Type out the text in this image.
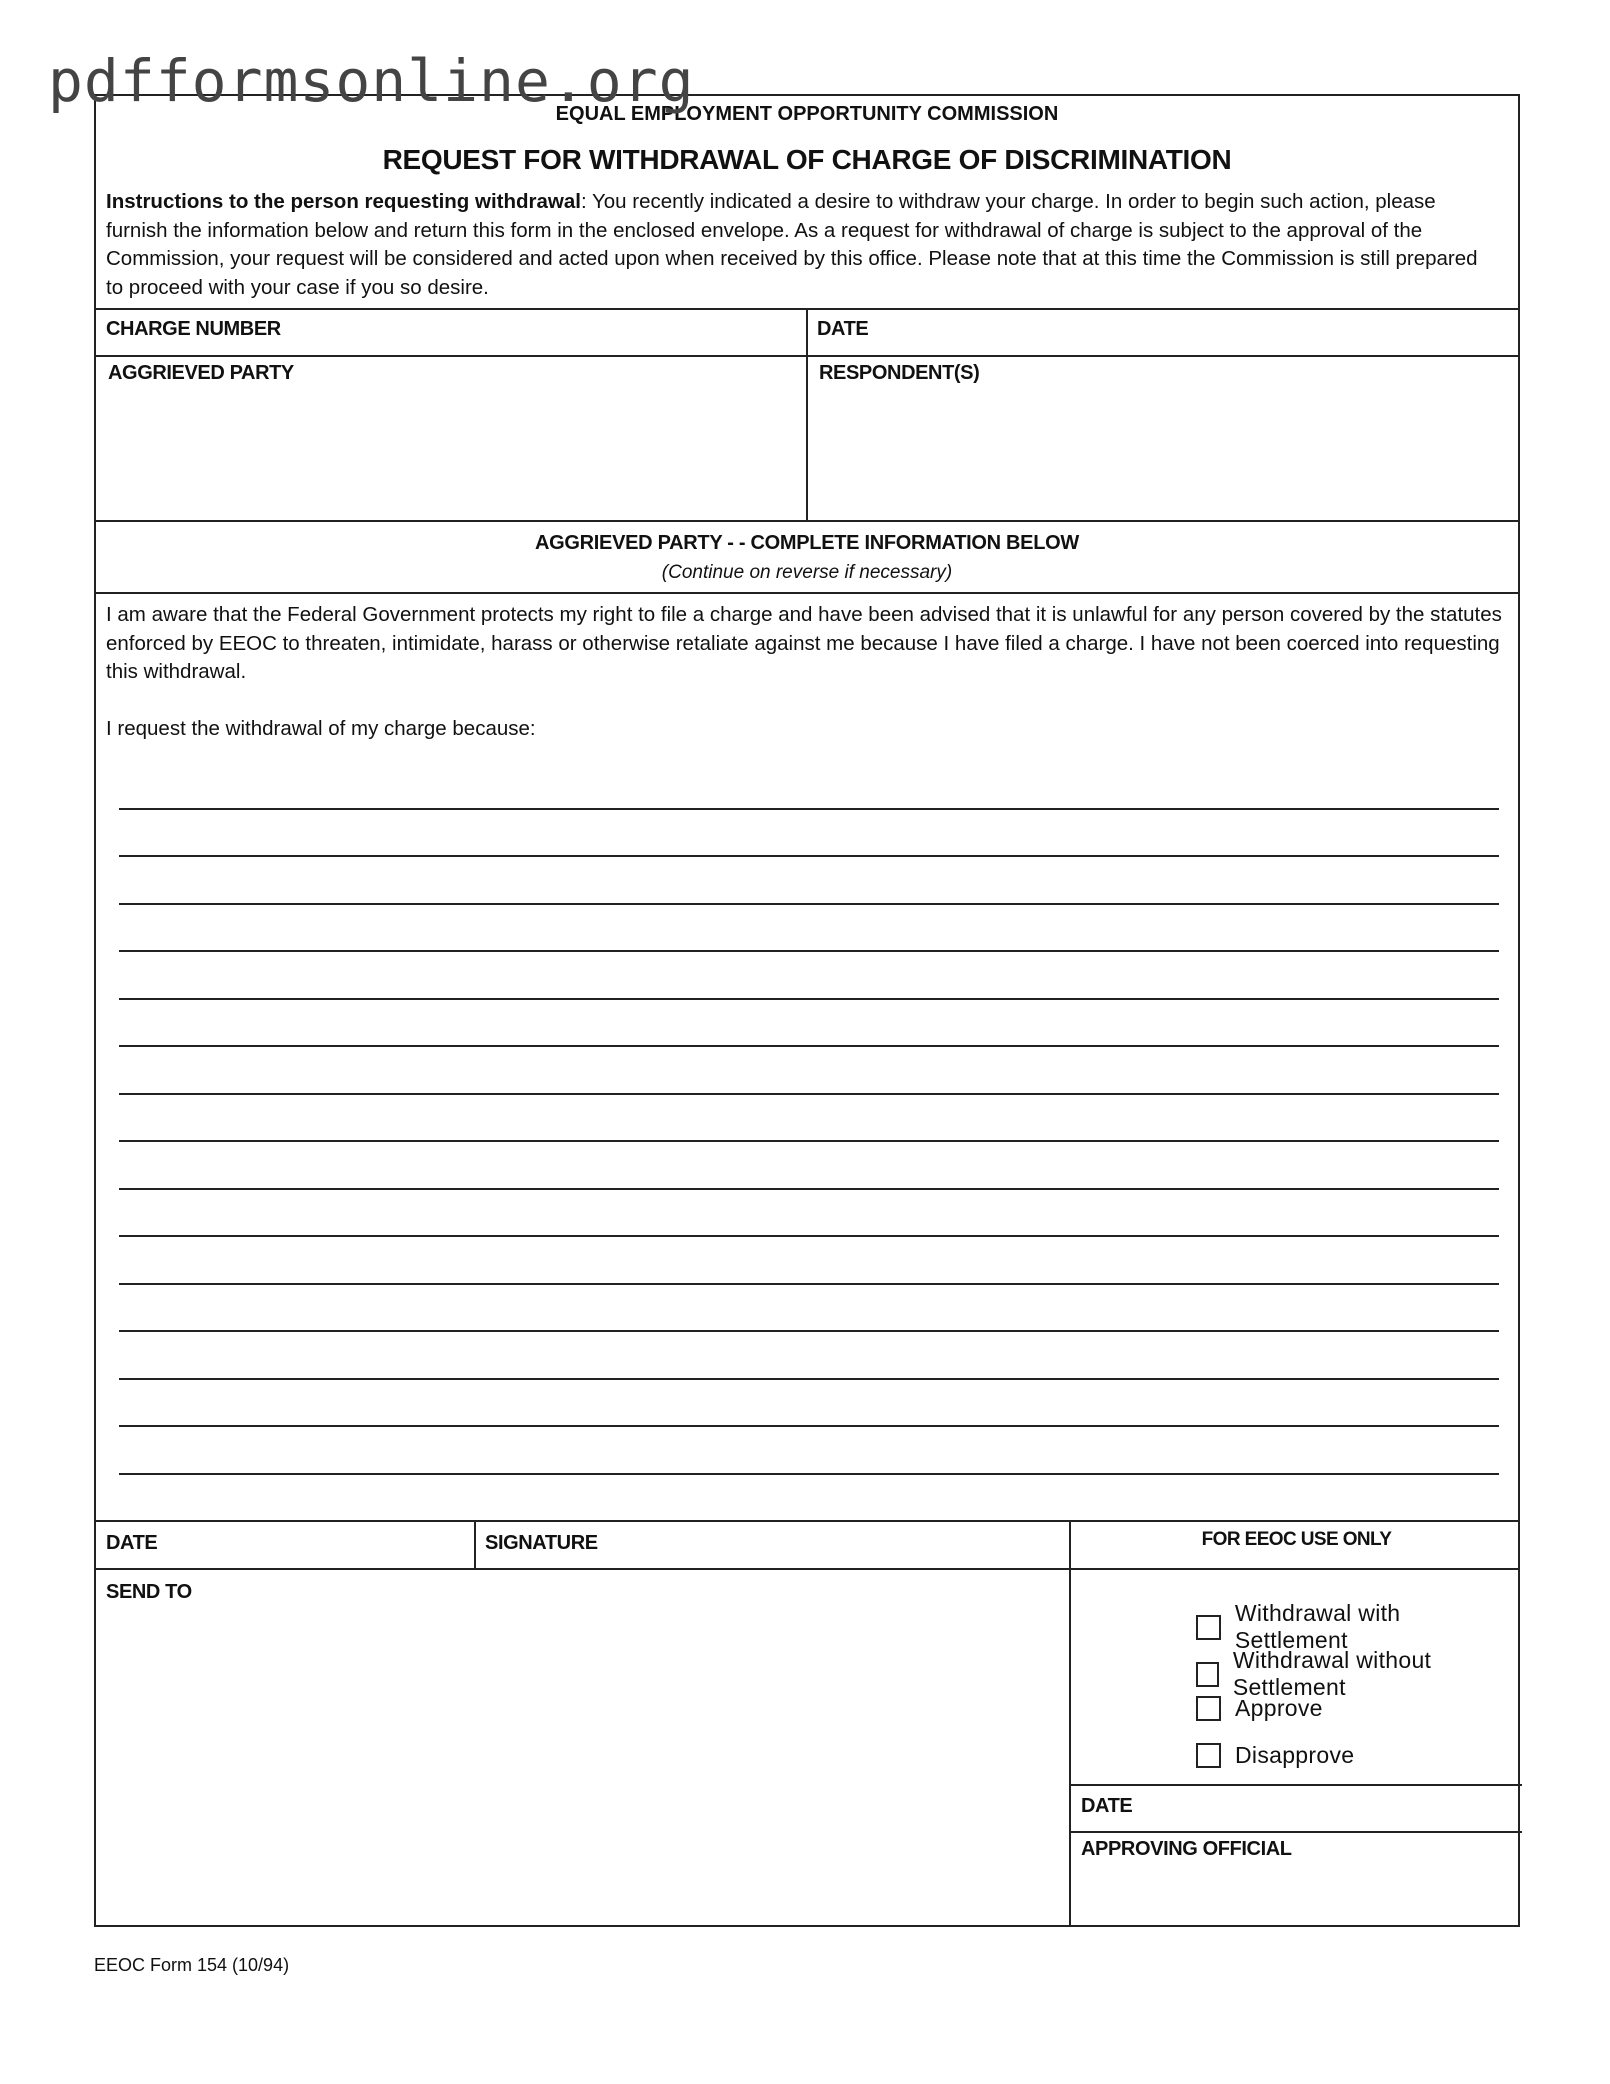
pdfformsonline.org
EQUAL EMPLOYMENT OPPORTUNITY COMMISSION
REQUEST FOR WITHDRAWAL OF CHARGE OF DISCRIMINATION
Instructions to the person requesting withdrawal: You recently indicated a desire to withdraw your charge. In order to begin such action, please furnish the information below and return this form in the enclosed envelope. As a request for withdrawal of charge is subject to the approval of the Commission, your request will be considered and acted upon when received by this office. Please note that at this time the Commission is still prepared to proceed with your case if you so desire.
CHARGE NUMBER	DATE
AGGRIEVED PARTY	RESPONDENT(S)
AGGRIEVED PARTY - - COMPLETE INFORMATION BELOW
(Continue on reverse if necessary)
I am aware that the Federal Government protects my right to file a charge and have been advised that it is unlawful for any person covered by the statutes enforced by EEOC to threaten, intimidate, harass or otherwise retaliate against me because I have filed a charge. I have not been coerced into requesting this withdrawal.
I request the withdrawal of my charge because:
DATE	SIGNATURE	FOR EEOC USE ONLY
SEND TO
Withdrawal with Settlement
Withdrawal without Settlement
Approve
Disapprove
DATE
APPROVING OFFICIAL
EEOC Form 154 (10/94)
